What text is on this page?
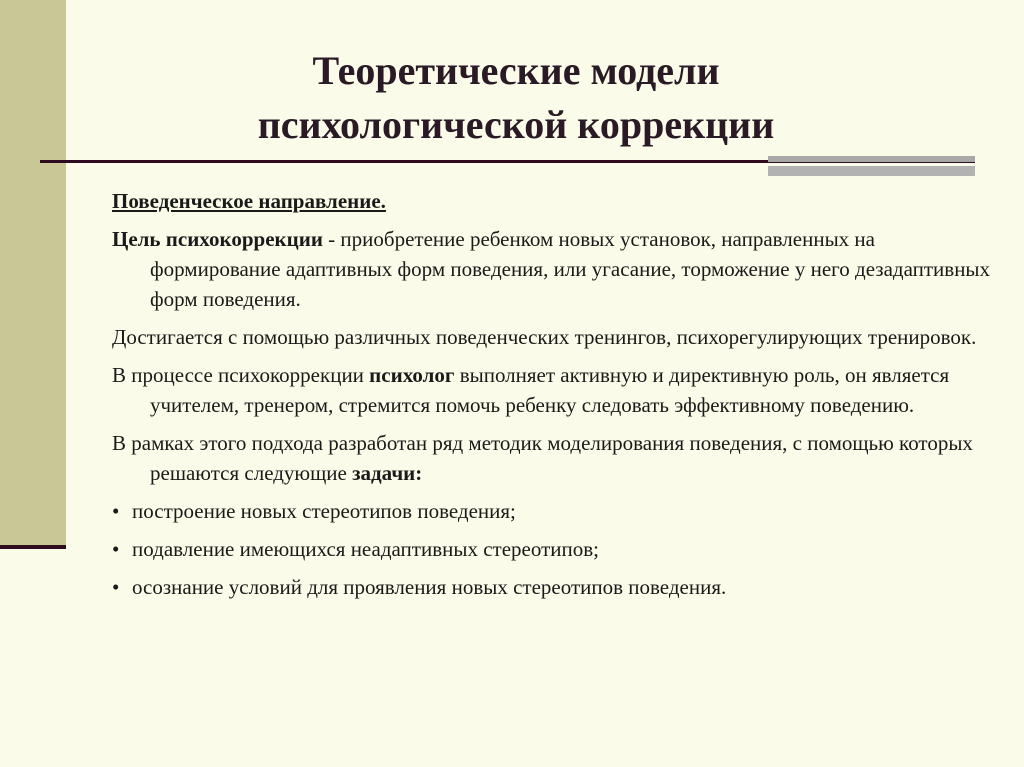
Теоретические модели
психологической коррекции

Поведенческое направление.

Цель психокоррекции - приобретение ребенком новых установок, направленных на формирование адаптивных форм поведения, или угасание, торможение у него дезадаптивных форм поведения.

Достигается с помощью различных поведенческих тренингов, психорегулирующих тренировок.

В процессе психокоррекции психолог выполняет активную и директивную роль, он является учителем, тренером, стремится помочь ребенку следовать эффективному поведению.

В рамках этого подхода разработан ряд методик моделирования поведения, с помощью которых решаются следующие задачи:

• построение новых стереотипов поведения;
• подавление имеющихся неадаптивных стереотипов;
• осознание условий для проявления новых стереотипов поведения.
